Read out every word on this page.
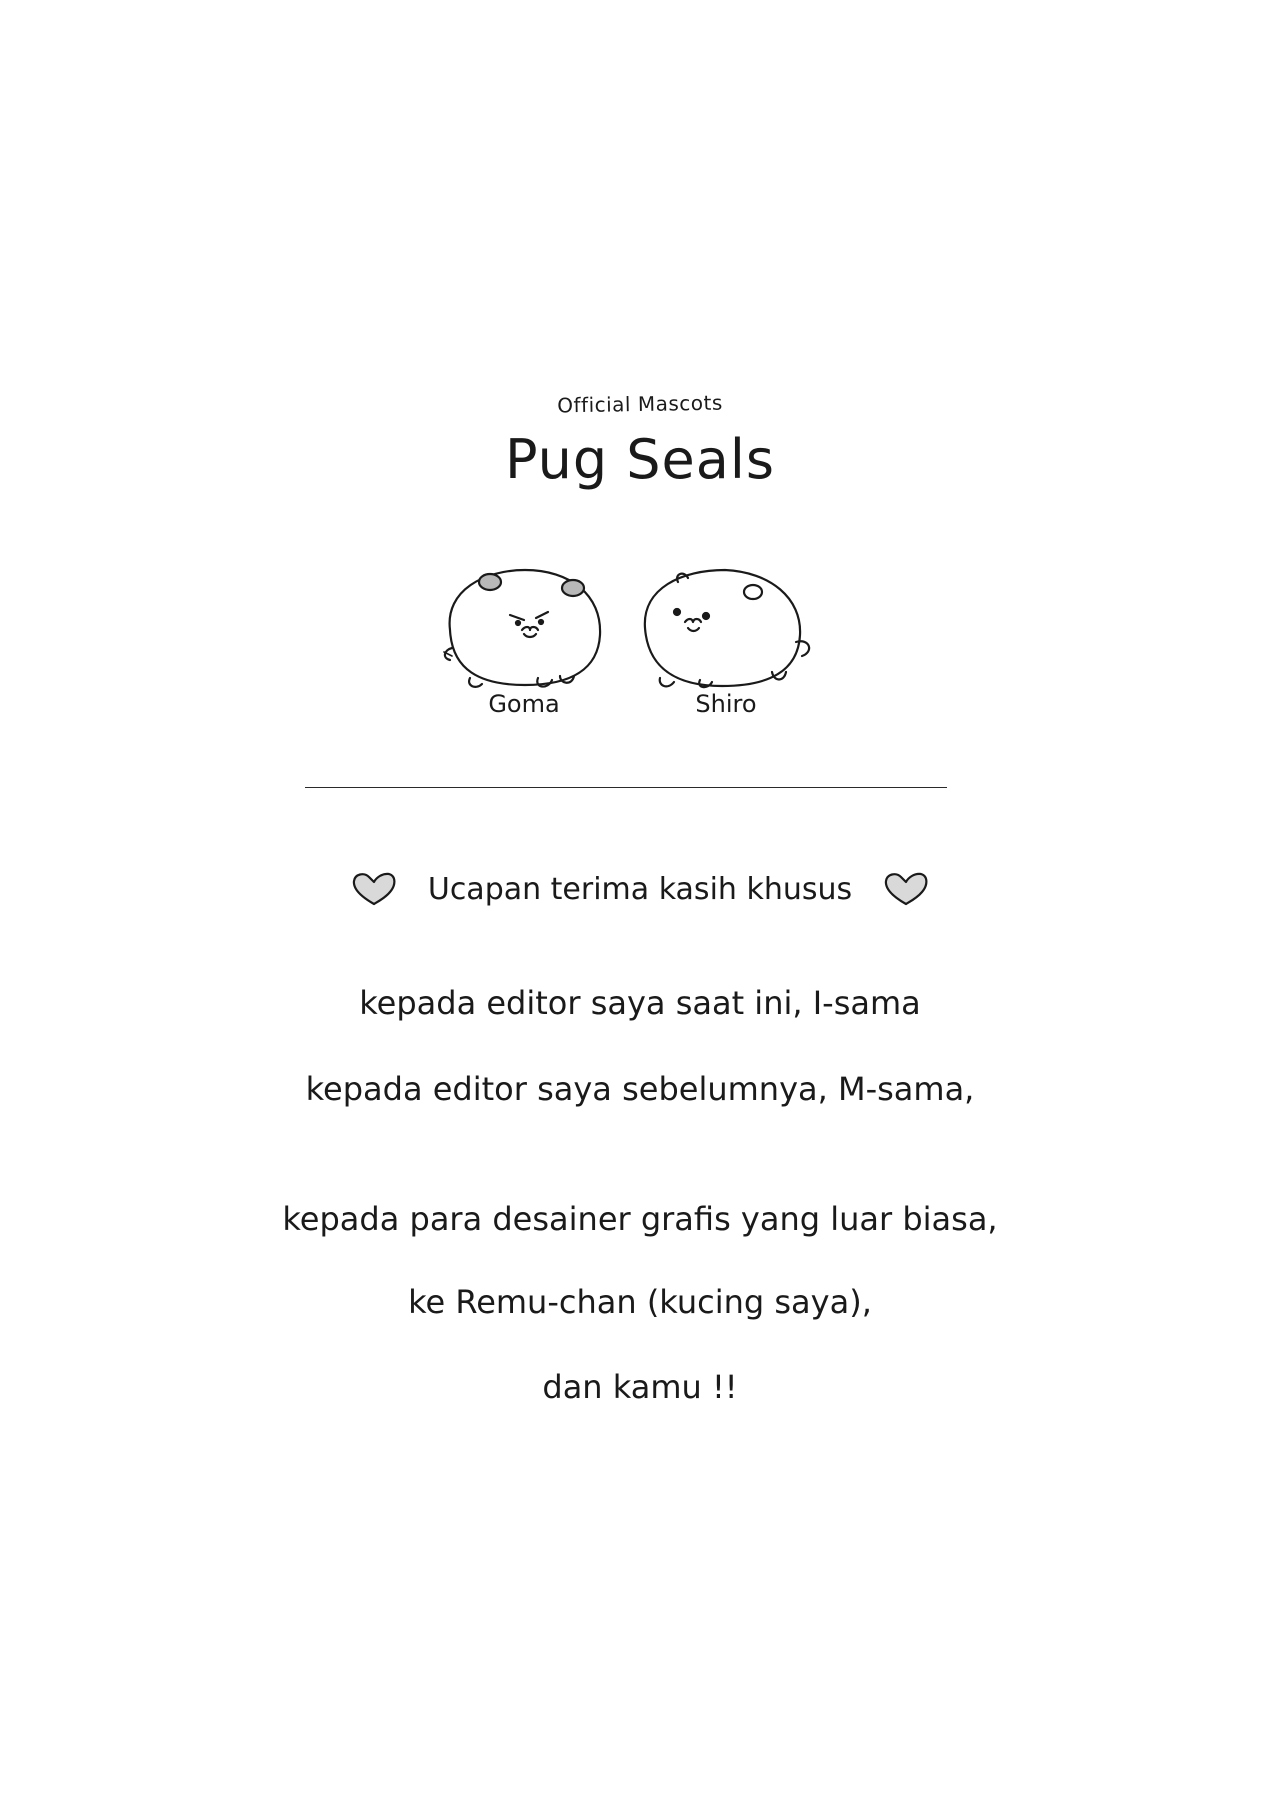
Official Mascots
Pug Seals
Goma	Shiro
Ucapan terima kasih khusus
kepada editor saya saat ini, I-sama
kepada editor saya sebelumnya, M-sama,
kepada para desainer grafis yang luar biasa,
ke Remu-chan (kucing saya),
dan kamu !!
